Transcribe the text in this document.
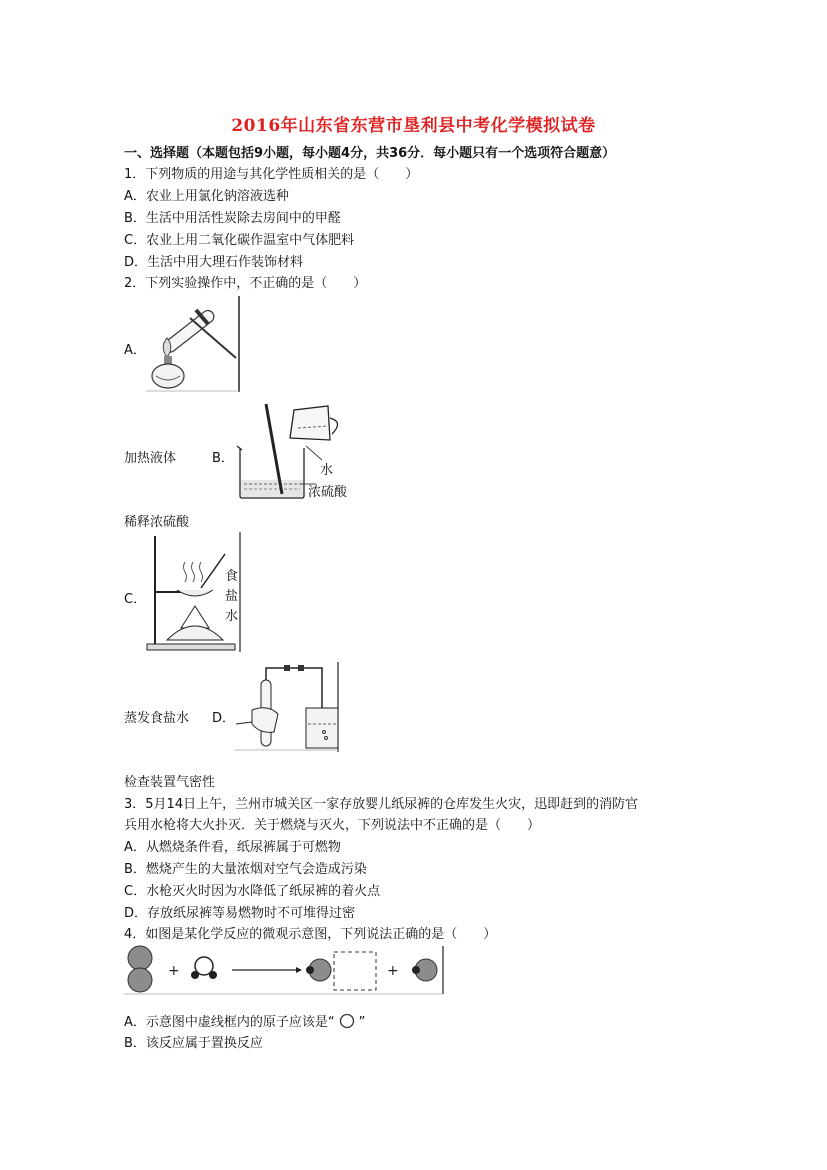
2016年山东省东营市垦利县中考化学模拟试卷
一、选择题（本题包括9小题，每小题4分，共36分．每小题只有一个选项符合题意）
1．下列物质的用途与其化学性质相关的是（　　）
A．农业上用氯化钠溶液选种
B．生活中用活性炭除去房间中的甲醛
C．农业上用二氧化碳作温室中气体肥料
D．生活中用大理石作装饰材料
2．下列实验操作中，不正确的是（　　）
A．
加热液体	B．
水
浓硫酸
稀释浓硫酸
C．
食
盐
水
蒸发食盐水 D．
检查装置气密性
3．5月14日上午，兰州市城关区一家存放婴儿纸尿裤的仓库发生火灾，迅即赶到的消防官
兵用水枪将大火扑灭．关于燃烧与灭火，下列说法中不正确的是（　　）
A．从燃烧条件看，纸尿裤属于可燃物
B．燃烧产生的大量浓烟对空气会造成污染
C．水枪灭火时因为水降低了纸尿裤的着火点
D．存放纸尿裤等易燃物时不可堆得过密
4．如图是某化学反应的微观示意图，下列说法正确的是（　　）
+	+
A．示意图中虚线框内的原子应该是“ ”
B．该反应属于置换反应
